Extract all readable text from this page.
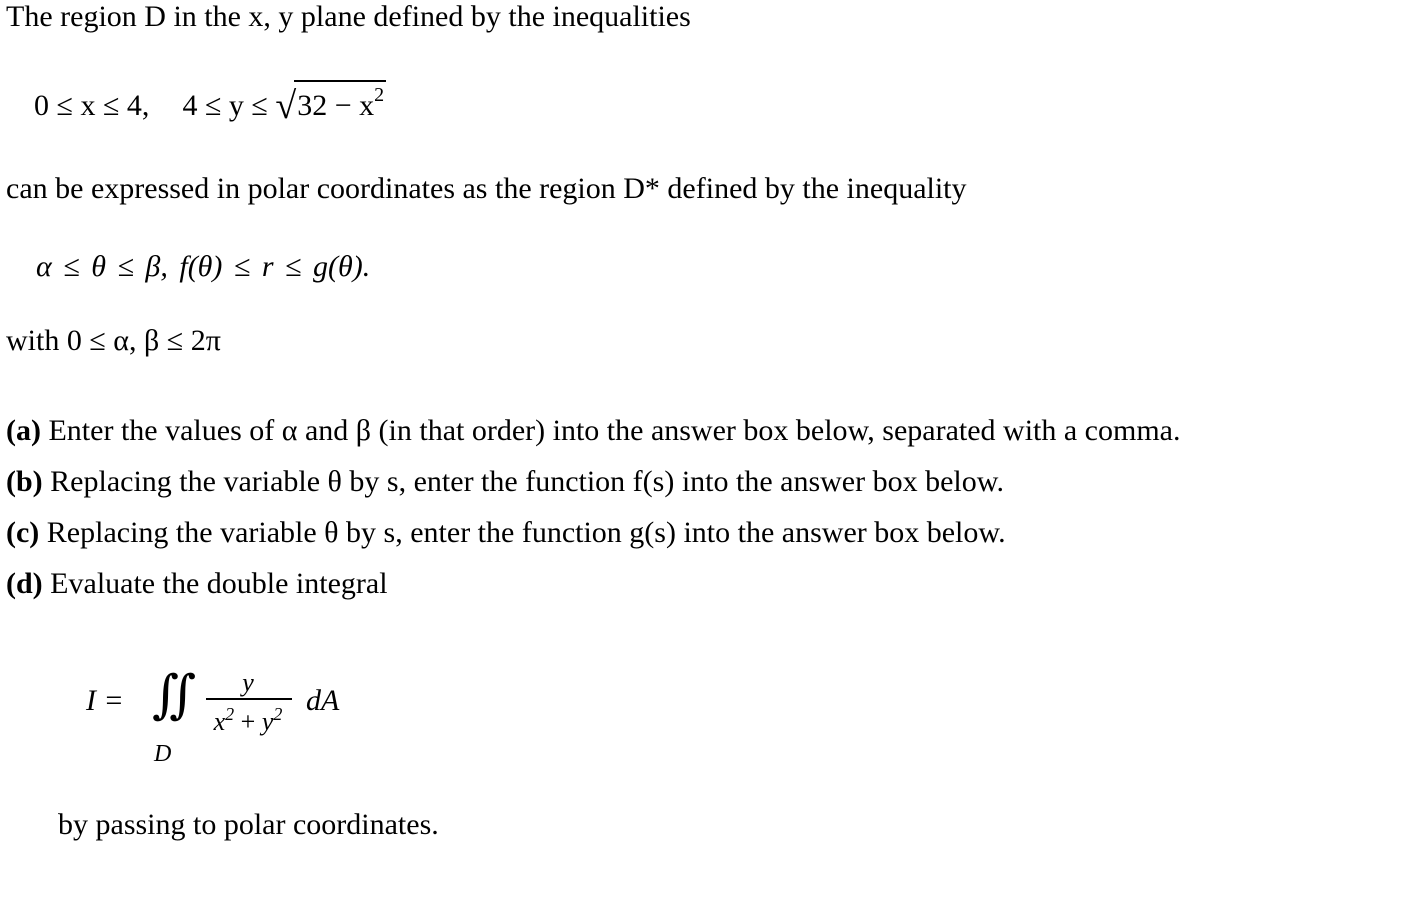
The region D in the x, y plane defined by the inequalities
0 ≤ x ≤ 4, $4 \le y \le √32 - x^2$
can be expressed in polar coordinates as the region D* defined by the inequality
α ≤ θ ≤ β, f(θ) ≤ r ≤ g(θ).
with 0 ≤ α, β ≤ 2π
(a) Enter the values of α and β (in that order) into the answer box below, separated with a comma.
(b) Replacing the variable θ by s, enter the function f(s) into the answer box below.
(c) Replacing the variable θ by s, enter the function g(s) into the answer box below.
(d) Evaluate the double integral
I = ∬
D
y
$x^2 + y^2$ dA
by passing to polar coordinates.
